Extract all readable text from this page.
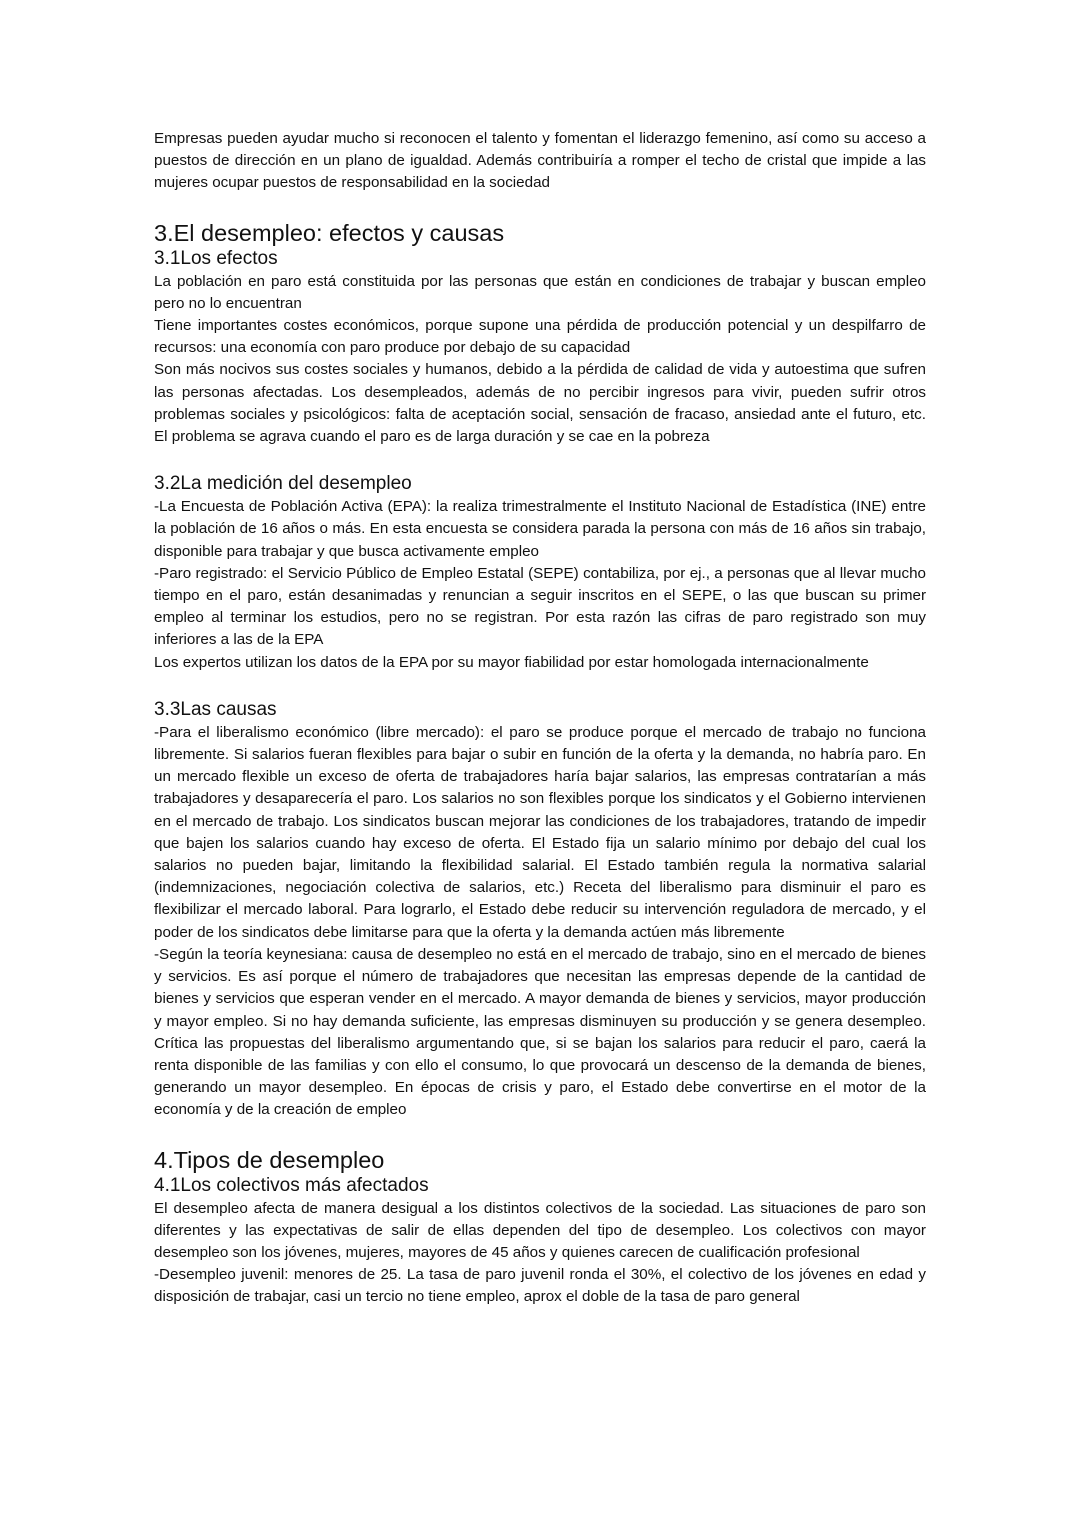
Empresas pueden ayudar mucho si reconocen el talento y fomentan el liderazgo femenino, así como su acceso a puestos de dirección en un plano de igualdad. Además contribuiría a romper el techo de cristal que impide a las mujeres ocupar puestos de responsabilidad en la sociedad

3.El desempleo: efectos y causas
3.1Los efectos

La población en paro está constituida por las personas que están en condiciones de trabajar y buscan empleo pero no lo encuentran

Tiene importantes costes económicos, porque supone una pérdida de producción potencial y un despilfarro de recursos: una economía con paro produce por debajo de su capacidad

Son más nocivos sus costes sociales y humanos, debido a la pérdida de calidad de vida y autoestima que sufren las personas afectadas. Los desempleados, además de no percibir ingresos para vivir, pueden sufrir otros problemas sociales y psicológicos: falta de aceptación social, sensación de fracaso, ansiedad ante el futuro, etc. El problema se agrava cuando el paro es de larga duración y se cae en la pobreza

3.2La medición del desempleo

-La Encuesta de Población Activa (EPA): la realiza trimestralmente el Instituto Nacional de Estadística (INE) entre la población de 16 años o más. En esta encuesta se considera parada la persona con más de 16 años sin trabajo, disponible para trabajar y que busca activamente empleo

-Paro registrado: el Servicio Público de Empleo Estatal (SEPE) contabiliza, por ej., a personas que al llevar mucho tiempo en el paro, están desanimadas y renuncian a seguir inscritos en el SEPE, o las que buscan su primer empleo al terminar los estudios, pero no se registran. Por esta razón las cifras de paro registrado son muy inferiores a las de la EPA

Los expertos utilizan los datos de la EPA por su mayor fiabilidad por estar homologada internacionalmente

3.3Las causas

-Para el liberalismo económico (libre mercado): el paro se produce porque el mercado de trabajo no funciona libremente. Si salarios fueran flexibles para bajar o subir en función de la oferta y la demanda, no habría paro. En un mercado flexible un exceso de oferta de trabajadores haría bajar salarios, las empresas contratarían a más trabajadores y desaparecería el paro. Los salarios no son flexibles porque los sindicatos y el Gobierno intervienen en el mercado de trabajo. Los sindicatos buscan mejorar las condiciones de los trabajadores, tratando de impedir que bajen los salarios cuando hay exceso de oferta. El Estado fija un salario mínimo por debajo del cual los salarios no pueden bajar, limitando la flexibilidad salarial. El Estado también regula la normativa salarial (indemnizaciones, negociación colectiva de salarios, etc.) Receta del liberalismo para disminuir el paro es flexibilizar el mercado laboral. Para lograrlo, el Estado debe reducir su intervención reguladora de mercado, y el poder de los sindicatos debe limitarse para que la oferta y la demanda actúen más libremente

-Según la teoría keynesiana: causa de desempleo no está en el mercado de trabajo, sino en el mercado de bienes y servicios. Es así porque el número de trabajadores que necesitan las empresas depende de la cantidad de bienes y servicios que esperan vender en el mercado. A mayor demanda de bienes y servicios, mayor producción y mayor empleo. Si no hay demanda suficiente, las empresas disminuyen su producción y se genera desempleo. Crítica las propuestas del liberalismo argumentando que, si se bajan los salarios para reducir el paro, caerá la renta disponible de las familias y con ello el consumo, lo que provocará un descenso de la demanda de bienes, generando un mayor desempleo. En épocas de crisis y paro, el Estado debe convertirse en el motor de la economía y de la creación de empleo

4.Tipos de desempleo
4.1Los colectivos más afectados

El desempleo afecta de manera desigual a los distintos colectivos de la sociedad. Las situaciones de paro son diferentes y las expectativas de salir de ellas dependen del tipo de desempleo. Los colectivos con mayor desempleo son los jóvenes, mujeres, mayores de 45 años y quienes carecen de cualificación profesional

-Desempleo juvenil: menores de 25. La tasa de paro juvenil ronda el 30%, el colectivo de los jóvenes en edad y disposición de trabajar, casi un tercio no tiene empleo, aprox el doble de la tasa de paro general
